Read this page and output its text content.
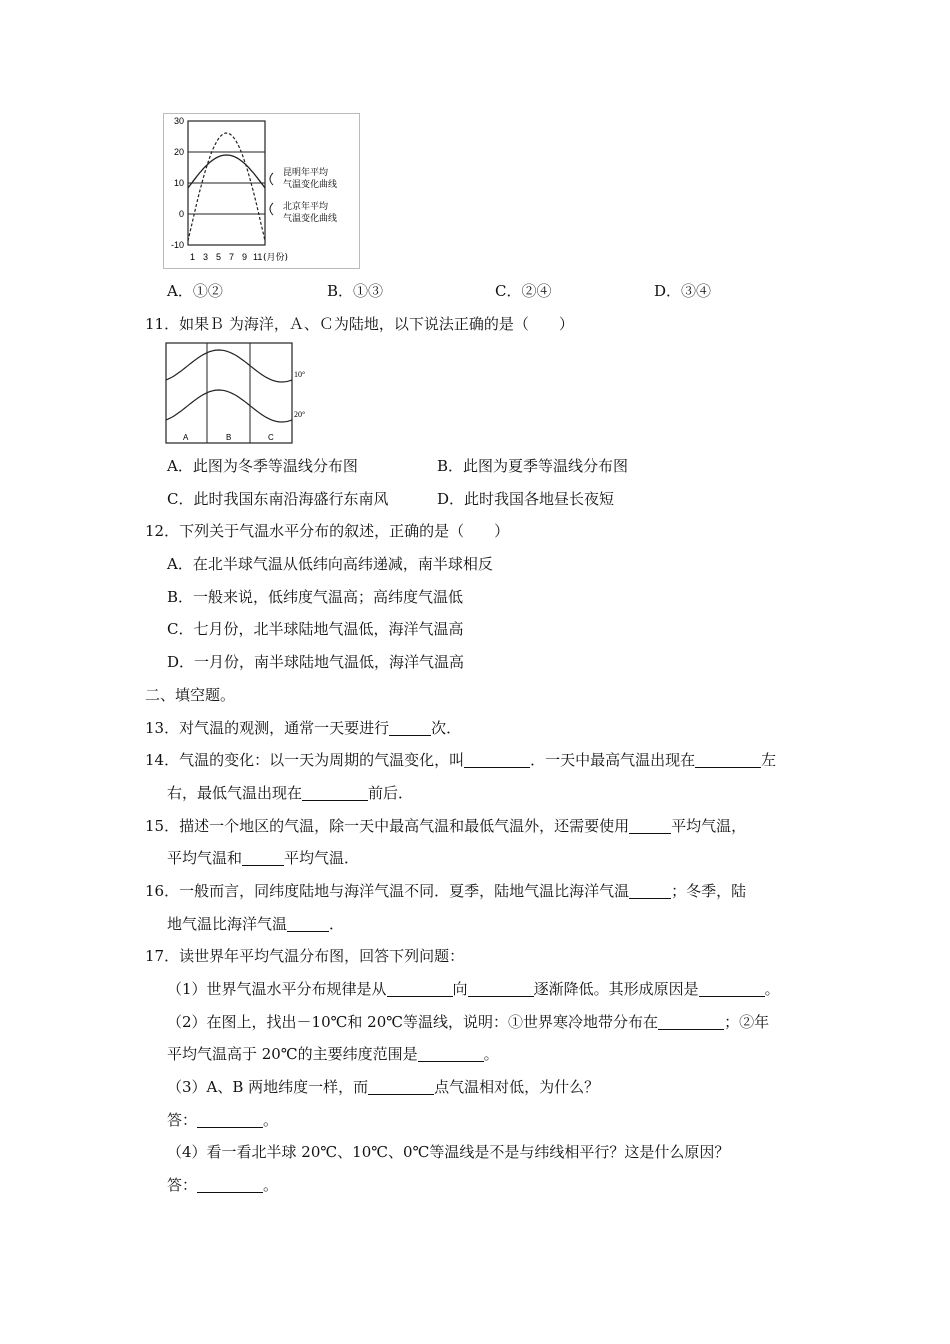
30
20
10
0
-10
1 3 5 7 9 11 (月份)
昆明年平均
气温变化曲线
北京年平均
气温变化曲线
A．①②	B．①③	C．②④	D．③④
11．如果Ｂ 为海洋，Ａ、Ｃ为陆地，以下说法正确的是（　　）
10°
20°
A	B	C
A．此图为冬季等温线分布图	B．此图为夏季等温线分布图
C．此时我国东南沿海盛行东南风	D．此时我国各地昼长夜短
12．下列关于气温水平分布的叙述，正确的是（　　）
A．在北半球气温从低纬向高纬递减，南半球相反
B．一般来说，低纬度气温高；高纬度气温低
C．七月份，北半球陆地气温低，海洋气温高
D．一月份，南半球陆地气温低，海洋气温高
二、填空题。
13．对气温的观测，通常一天要进行	次．
14．气温的变化：以一天为周期的气温变化，叫	．一天中最高气温出现在	左
右，最低气温出现在	前后．
15．描述一个地区的气温，除一天中最高气温和最低气温外，还需要使用	平均气温，
平均气温和	平均气温．
16．一般而言，同纬度陆地与海洋气温不同．夏季，陆地气温比海洋气温	；冬季，陆
地气温比海洋气温	．
17．读世界年平均气温分布图，回答下列问题：
（1）世界气温水平分布规律是从	向	逐渐降低。其形成原因是	。
（2）在图上，找出－10℃和 20℃等温线，说明：①世界寒冷地带分布在	；②年
平均气温高于 20℃的主要纬度范围是	。
（3）A、B 两地纬度一样，而	点气温相对低，为什么？
答：	。
（4）看一看北半球 20℃、10℃、0℃等温线是不是与纬线相平行？这是什么原因？
答：	。
